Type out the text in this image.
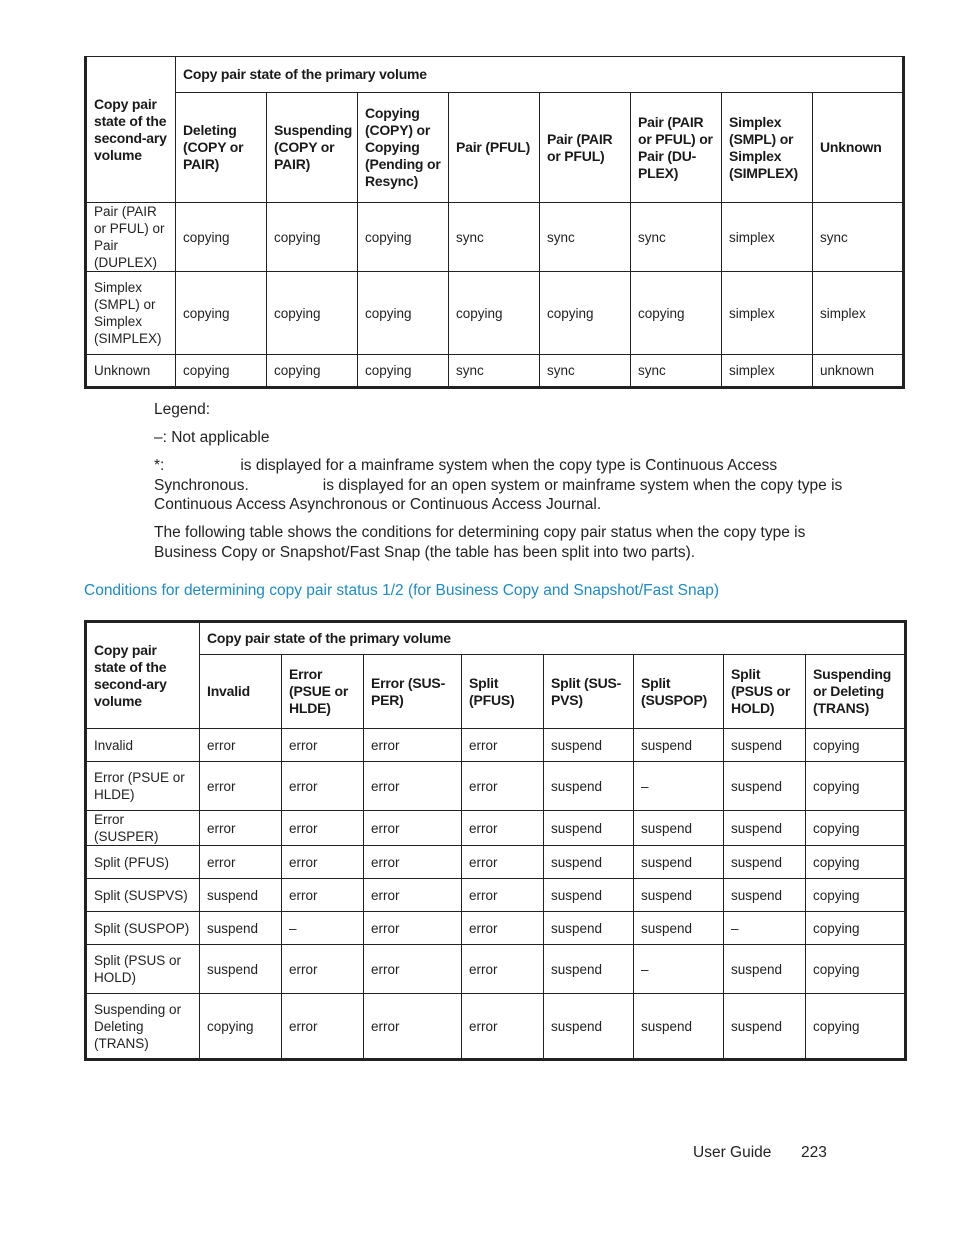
Copy pair state of the second-ary volume	Copy pair state of the primary volume							
	Deleting (COPY or PAIR)	Suspending (COPY or PAIR)	Copying (COPY) or Copying (Pending or Resync)	Pair (PFUL)	Pair (PAIR or PFUL)	Pair (PAIR or PFUL) or Pair (DU-PLEX)	Simplex (SMPL) or Simplex (SIMPLEX)	Unknown
Pair (PAIR or PFUL) or Pair (DUPLEX)	copying	copying	copying	sync	sync	sync	simplex	sync
Simplex (SMPL) or Simplex (SIMPLEX)	copying	copying	copying	copying	copying	copying	simplex	simplex
Unknown	copying	copying	copying	sync	sync	sync	simplex	unknown
Legend:
–: Not applicable
*:	is displayed for a mainframe system when the copy type is Continuous Access
Synchronous.	is displayed for an open system or mainframe system when the copy type is
Continuous Access Asynchronous or Continuous Access Journal.
The following table shows the conditions for determining copy pair status when the copy type is
Business Copy or Snapshot/Fast Snap (the table has been split into two parts).
Conditions for determining copy pair status 1/2 (for Business Copy and Snapshot/Fast Snap)
Copy pair state of the second-ary volume	Copy pair state of the primary volume							
	Invalid	Error (PSUE or HLDE)	Error (SUS-PER)	Split (PFUS)	Split (SUS-PVS)	Split (SUSPOP)	Split (PSUS or HOLD)	Suspending or Deleting (TRANS)
Invalid	error	error	error	error	suspend	suspend	suspend	copying
Error (PSUE or HLDE)	error	error	error	error	suspend	–	suspend	copying
Error (SUSPER)	error	error	error	error	suspend	suspend	suspend	copying
Split (PFUS)	error	error	error	error	suspend	suspend	suspend	copying
Split (SUSPVS)	suspend	error	error	error	suspend	suspend	suspend	copying
Split (SUSPOP)	suspend	–	error	error	suspend	suspend	–	copying
Split (PSUS or HOLD)	suspend	error	error	error	suspend	–	suspend	copying
Suspending or Deleting (TRANS)	copying	error	error	error	suspend	suspend	suspend	copying
User Guide 223
